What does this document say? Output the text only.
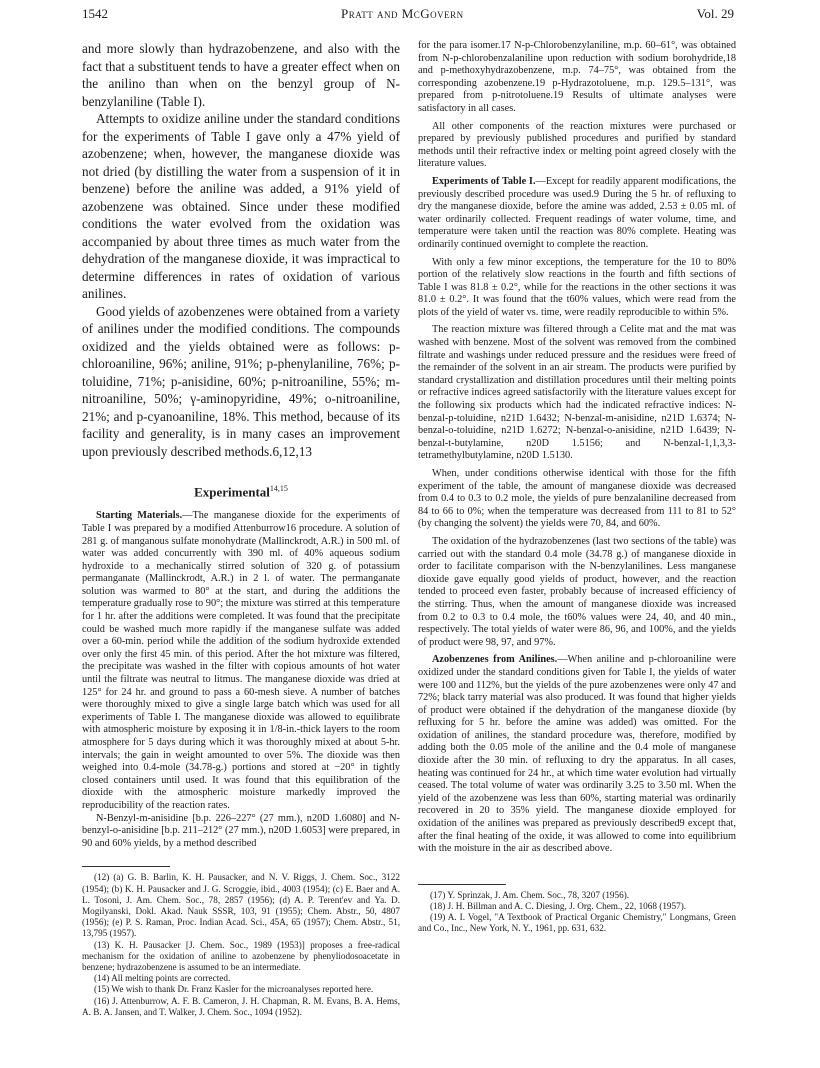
1542	Pratt and McGovern	Vol. 29

and more slowly than hydrazobenzene, and also with the fact that a substituent tends to have a greater effect when on the anilino than when on the benzyl group of N-benzylaniline (Table I).

Attempts to oxidize aniline under the standard conditions for the experiments of Table I gave only a 47% yield of azobenzene; when, however, the manganese dioxide was not dried (by distilling the water from a suspension of it in benzene) before the aniline was added, a 91% yield of azobenzene was obtained. Since under these modified conditions the water evolved from the oxidation was accompanied by about three times as much water from the dehydration of the manganese dioxide, it was impractical to determine differences in rates of oxidation of various anilines.

Good yields of azobenzenes were obtained from a variety of anilines under the modified conditions. The compounds oxidized and the yields obtained were as follows: p-chloroaniline, 96%; aniline, 91%; p-phenylaniline, 76%; p-toluidine, 71%; p-anisidine, 60%; p-nitroaniline, 55%; m-nitroaniline, 50%; γ-aminopyridine, 49%; o-nitroaniline, 21%; and p-cyanoaniline, 18%. This method, because of its facility and generality, is in many cases an improvement upon previously described methods.6,12,13

Experimental$^{14,15}$

Starting Materials.—The manganese dioxide for the experiments of Table I was prepared by a modified Attenburrow16 procedure. A solution of 281 g. of manganous sulfate monohydrate (Mallinckrodt, A.R.) in 500 ml. of water was added concurrently with 390 ml. of 40% aqueous sodium hydroxide to a mechanically stirred solution of 320 g. of potassium permanganate (Mallinckrodt, A.R.) in 2 l. of water. The permanganate solution was warmed to 80° at the start, and during the additions the temperature gradually rose to 90°; the mixture was stirred at this temperature for 1 hr. after the additions were completed. It was found that the precipitate could be washed much more rapidly if the manganese sulfate was added over a 60-min. period while the addition of the sodium hydroxide extended over only the first 45 min. of this period. After the hot mixture was filtered, the precipitate was washed in the filter with copious amounts of hot water until the filtrate was neutral to litmus. The manganese dioxide was dried at 125° for 24 hr. and ground to pass a 60-mesh sieve. A number of batches were thoroughly mixed to give a single large batch which was used for all experiments of Table I. The manganese dioxide was allowed to equilibrate with atmospheric moisture by exposing it in 1/8-in.-thick layers to the room atmosphere for 5 days during which it was thoroughly mixed at about 5-hr. intervals; the gain in weight amounted to over 5%. The dioxide was then weighed into 0.4-mole (34.78-g.) portions and stored at −20° in tightly closed containers until used. It was found that this equilibration of the dioxide with the atmospheric moisture markedly improved the reproducibility of the reaction rates.

N-Benzyl-m-anisidine [b.p. 226–227° (27 mm.), n20D 1.6080] and N-benzyl-o-anisidine [b.p. 211–212° (27 mm.), n20D 1.6053] were prepared, in 90 and 60% yields, by a method described

(12) (a) G. B. Barlin, K. H. Pausacker, and N. V. Riggs, J. Chem. Soc., 3122 (1954); (b) K. H. Pausacker and J. G. Scroggie, ibid., 4003 (1954); (c) E. Baer and A. L. Tosoni, J. Am. Chem. Soc., 78, 2857 (1956); (d) A. P. Terent'ev and Ya. D. Mogilyanski, Dokl. Akad. Nauk SSSR, 103, 91 (1955); Chem. Abstr., 50, 4807 (1956); (e) P. S. Raman, Proc. Indian Acad. Sci., 45A, 65 (1957); Chem. Abstr., 51, 13,795 (1957).

(13) K. H. Pausacker [J. Chem. Soc., 1989 (1953)] proposes a free-radical mechanism for the oxidation of aniline to azobenzene by phenyliodosoacetate in benzene; hydrazobenzene is assumed to be an intermediate.

(14) All melting points are corrected.

(15) We wish to thank Dr. Franz Kasler for the microanalyses reported here.

(16) J. Attenburrow, A. F. B. Cameron, J. H. Chapman, R. M. Evans, B. A. Hems, A. B. A. Jansen, and T. Walker, J. Chem. Soc., 1094 (1952).

for the para isomer.17 N-p-Chlorobenzylaniline, m.p. 60–61°, was obtained from N-p-chlorobenzalaniline upon reduction with sodium borohydride,18 and p-methoxyhydrazobenzene, m.p. 74–75°, was obtained from the corresponding azobenzene.19 p-Hydrazotoluene, m.p. 129.5–131°, was prepared from p-nitrotoluene.19 Results of ultimate analyses were satisfactory in all cases.

All other components of the reaction mixtures were purchased or prepared by previously published procedures and purified by standard methods until their refractive index or melting point agreed closely with the literature values.

Experiments of Table I.—Except for readily apparent modifications, the previously described procedure was used.9 During the 5 hr. of refluxing to dry the manganese dioxide, before the amine was added, 2.53 ± 0.05 ml. of water ordinarily collected. Frequent readings of water volume, time, and temperature were taken until the reaction was 80% complete. Heating was ordinarily continued overnight to complete the reaction.

With only a few minor exceptions, the temperature for the 10 to 80% portion of the relatively slow reactions in the fourth and fifth sections of Table I was 81.8 ± 0.2°, while for the reactions in the other sections it was 81.0 ± 0.2°. It was found that the t60% values, which were read from the plots of the yield of water vs. time, were readily reproducible to within 5%.

The reaction mixture was filtered through a Celite mat and the mat was washed with benzene. Most of the solvent was removed from the combined filtrate and washings under reduced pressure and the residues were freed of the remainder of the solvent in an air stream. The products were purified by standard crystallization and distillation procedures until their melting points or refractive indices agreed satisfactorily with the literature values except for the following six products which had the indicated refractive indices: N-benzal-p-toluidine, n21D 1.6432; N-benzal-m-anisidine, n21D 1.6374; N-benzal-o-toluidine, n21D 1.6272; N-benzal-o-anisidine, n21D 1.6439; N-benzal-t-butylamine, n20D 1.5156; and N-benzal-1,1,3,3-tetramethylbutylamine, n20D 1.5130.

When, under conditions otherwise identical with those for the fifth experiment of the table, the amount of manganese dioxide was decreased from 0.4 to 0.3 to 0.2 mole, the yields of pure benzalaniline decreased from 84 to 66 to 0%; when the temperature was decreased from 111 to 81 to 52° (by changing the solvent) the yields were 70, 84, and 60%.

The oxidation of the hydrazobenzenes (last two sections of the table) was carried out with the standard 0.4 mole (34.78 g.) of manganese dioxide in order to facilitate comparison with the N-benzylanilines. Less manganese dioxide gave equally good yields of product, however, and the reaction tended to proceed even faster, probably because of increased efficiency of the stirring. Thus, when the amount of manganese dioxide was increased from 0.2 to 0.3 to 0.4 mole, the t60% values were 24, 40, and 40 min., respectively. The total yields of water were 86, 96, and 100%, and the yields of product were 98, 97, and 97%.

Azobenzenes from Anilines.—When aniline and p-chloroaniline were oxidized under the standard conditions given for Table I, the yields of water were 100 and 112%, but the yields of the pure azobenzenes were only 47 and 72%; black tarry material was also produced. It was found that higher yields of product were obtained if the dehydration of the manganese dioxide (by refluxing for 5 hr. before the amine was added) was omitted. For the oxidation of anilines, the standard procedure was, therefore, modified by adding both the 0.05 mole of the aniline and the 0.4 mole of manganese dioxide after the 30 min. of refluxing to dry the apparatus. In all cases, heating was continued for 24 hr., at which time water evolution had virtually ceased. The total volume of water was ordinarily 3.25 to 3.50 ml. When the yield of the azobenzene was less than 60%, starting material was ordinarily recovered in 20 to 35% yield. The manganese dioxide employed for oxidation of the anilines was prepared as previously described9 except that, after the final heating of the oxide, it was allowed to come into equilibrium with the moisture in the air as described above.

(17) Y. Sprinzak, J. Am. Chem. Soc., 78, 3207 (1956).

(18) J. H. Billman and A. C. Diesing, J. Org. Chem., 22, 1068 (1957).

(19) A. I. Vogel, "A Textbook of Practical Organic Chemistry," Longmans, Green and Co., Inc., New York, N. Y., 1961, pp. 631, 632.
